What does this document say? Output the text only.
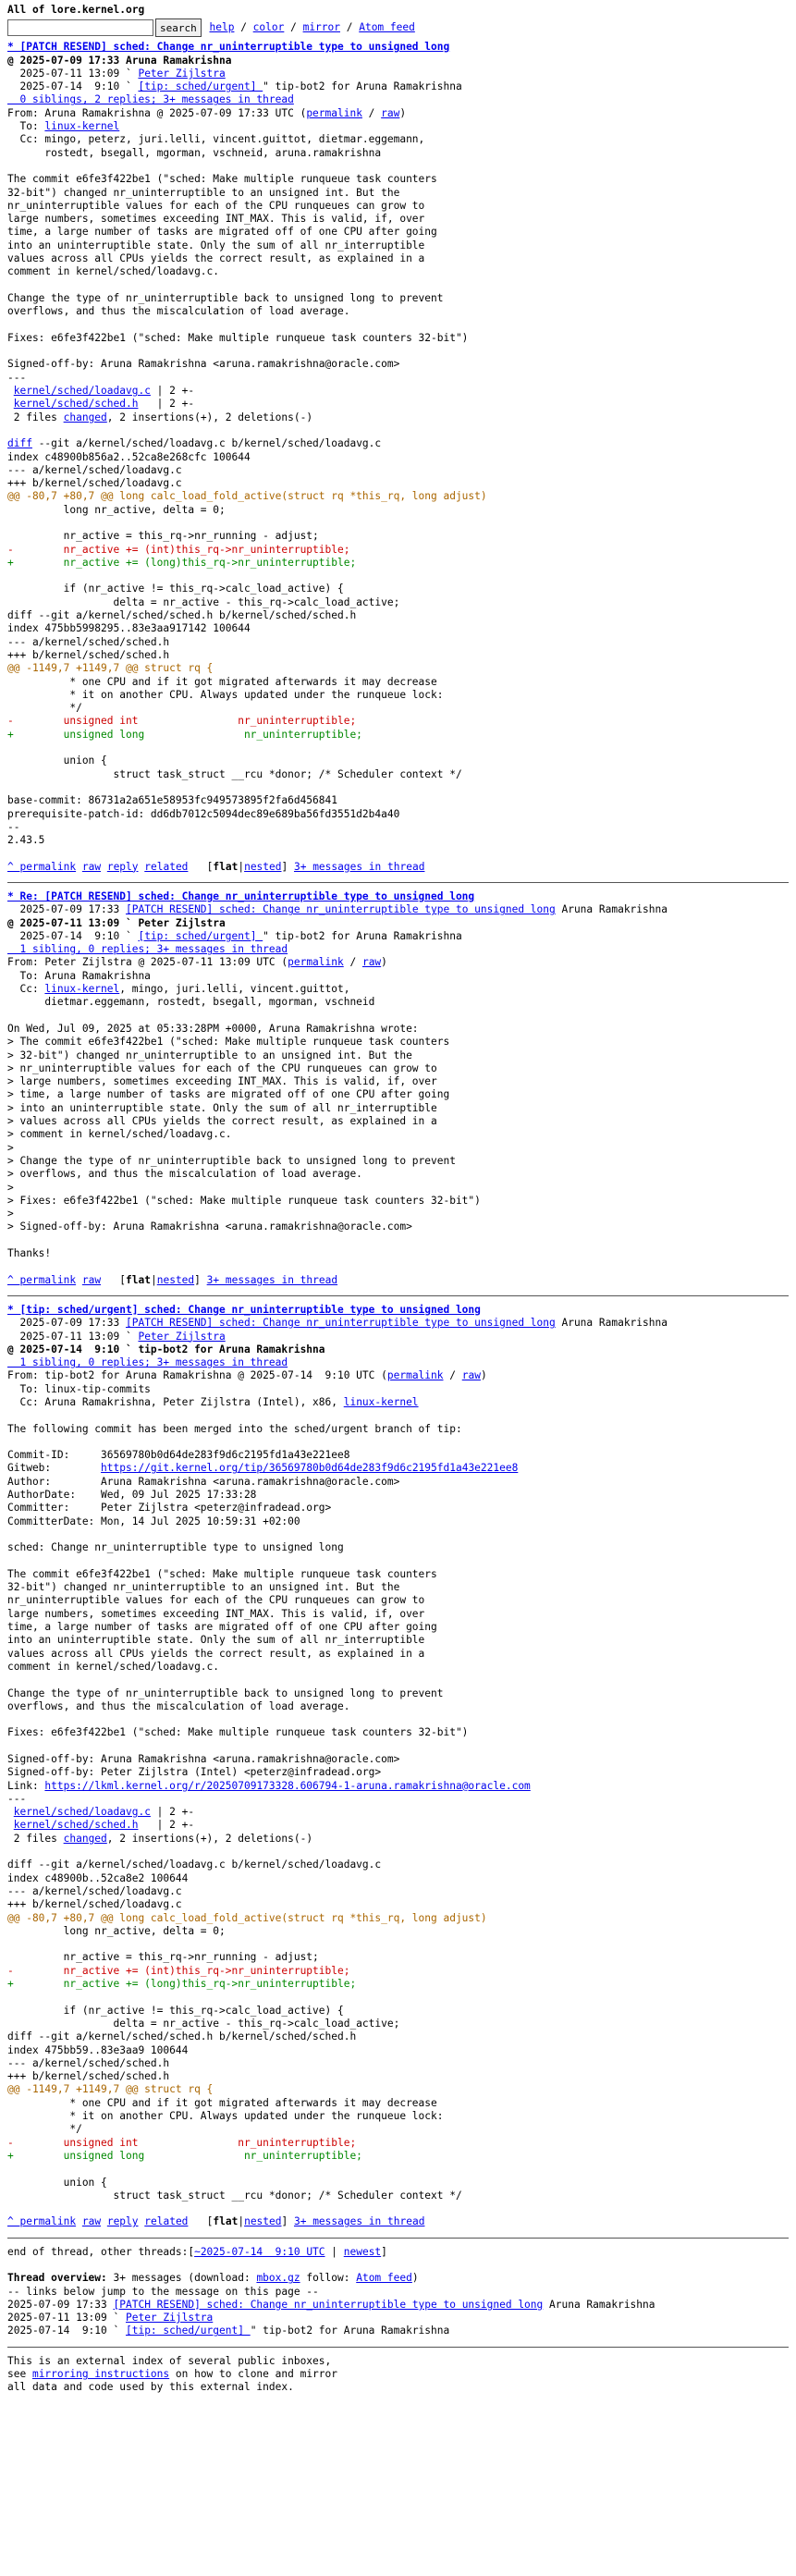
All of lore.kernel.org
search	help / color / mirror / Atom feed
* [PATCH RESEND] sched: Change nr_uninterruptible type to unsigned long
@ 2025-07-09 17:33 Aruna Ramakrishna
2025-07-11 13:09 ` Peter Zijlstra
2025-07-14  9:10 ` [tip: sched/urgent] " tip-bot2 for Aruna Ramakrishna
0 siblings, 2 replies; 3+ messages in thread
From: Aruna Ramakrishna @ 2025-07-09 17:33 UTC (permalink / raw)
To: linux-kernel
Cc: mingo, peterz, juri.lelli, vincent.guittot, dietmar.eggemann,
rostedt, bsegall, mgorman, vschneid, aruna.ramakrishna
The commit e6fe3f422be1 ("sched: Make multiple runqueue task counters
32-bit") changed nr_uninterruptible to an unsigned int. But the
nr_uninterruptible values for each of the CPU runqueues can grow to
large numbers, sometimes exceeding INT_MAX. This is valid, if, over
time, a large number of tasks are migrated off of one CPU after going
into an uninterruptible state. Only the sum of all nr_interruptible
values across all CPUs yields the correct result, as explained in a
comment in kernel/sched/loadavg.c.
Change the type of nr_uninterruptible back to unsigned long to prevent
overflows, and thus the miscalculation of load average.
Fixes: e6fe3f422be1 ("sched: Make multiple runqueue task counters 32-bit")
Signed-off-by: Aruna Ramakrishna <aruna.ramakrishna@oracle.com>
---
kernel/sched/loadavg.c | 2 +-
kernel/sched/sched.h   | 2 +-
2 files changed, 2 insertions(+), 2 deletions(-)
diff --git a/kernel/sched/loadavg.c b/kernel/sched/loadavg.c
index c48900b856a2..52ca8e268cfc 100644
--- a/kernel/sched/loadavg.c
+++ b/kernel/sched/loadavg.c
@@ -80,7 +80,7 @@ long calc_load_fold_active(struct rq *this_rq, long adjust)
long nr_active, delta = 0;

nr_active = this_rq->nr_running - adjust;
-        nr_active += (int)this_rq->nr_uninterruptible;
+        nr_active += (long)this_rq->nr_uninterruptible;

if (nr_active != this_rq->calc_load_active) {
delta = nr_active - this_rq->calc_load_active;
diff --git a/kernel/sched/sched.h b/kernel/sched/sched.h
index 475bb5998295..83e3aa917142 100644
--- a/kernel/sched/sched.h
+++ b/kernel/sched/sched.h
@@ -1149,7 +1149,7 @@ struct rq {
* one CPU and if it got migrated afterwards it may decrease
* it on another CPU. Always updated under the runqueue lock:
*/
-        unsigned int                nr_uninterruptible;
+        unsigned long                nr_uninterruptible;

union {
struct task_struct __rcu *donor; /* Scheduler context */
base-commit: 86731a2a651e58953fc949573895f2fa6d456841
prerequisite-patch-id: dd6db7012c5094dec89e689ba56fd3551d2b4a40
--
2.43.5
^ permalink raw reply related   [flat|nested] 3+ messages in thread
* Re: [PATCH RESEND] sched: Change nr_uninterruptible type to unsigned long
2025-07-09 17:33 [PATCH RESEND] sched: Change nr_uninterruptible type to unsigned long Aruna Ramakrishna
@ 2025-07-11 13:09 ` Peter Zijlstra
2025-07-14  9:10 ` [tip: sched/urgent] " tip-bot2 for Aruna Ramakrishna
1 sibling, 0 replies; 3+ messages in thread
From: Peter Zijlstra @ 2025-07-11 13:09 UTC (permalink / raw)
To: Aruna Ramakrishna
Cc: linux-kernel, mingo, juri.lelli, vincent.guittot,
dietmar.eggemann, rostedt, bsegall, mgorman, vschneid
On Wed, Jul 09, 2025 at 05:33:28PM +0000, Aruna Ramakrishna wrote:
> The commit e6fe3f422be1 ("sched: Make multiple runqueue task counters
> 32-bit") changed nr_uninterruptible to an unsigned int. But the
> nr_uninterruptible values for each of the CPU runqueues can grow to
> large numbers, sometimes exceeding INT_MAX. This is valid, if, over
> time, a large number of tasks are migrated off of one CPU after going
> into an uninterruptible state. Only the sum of all nr_interruptible
> values across all CPUs yields the correct result, as explained in a
> comment in kernel/sched/loadavg.c.
>
> Change the type of nr_uninterruptible back to unsigned long to prevent
> overflows, and thus the miscalculation of load average.
>
> Fixes: e6fe3f422be1 ("sched: Make multiple runqueue task counters 32-bit")
>
> Signed-off-by: Aruna Ramakrishna <aruna.ramakrishna@oracle.com>
Thanks!
^ permalink raw   [flat|nested] 3+ messages in thread
* [tip: sched/urgent] sched: Change nr_uninterruptible type to unsigned long
2025-07-09 17:33 [PATCH RESEND] sched: Change nr_uninterruptible type to unsigned long Aruna Ramakrishna
2025-07-11 13:09 ` Peter Zijlstra
@ 2025-07-14  9:10 ` tip-bot2 for Aruna Ramakrishna
1 sibling, 0 replies; 3+ messages in thread
From: tip-bot2 for Aruna Ramakrishna @ 2025-07-14  9:10 UTC (permalink / raw)
To: linux-tip-commits
Cc: Aruna Ramakrishna, Peter Zijlstra (Intel), x86, linux-kernel
The following commit has been merged into the sched/urgent branch of tip:
Commit-ID:     36569780b0d64de283f9d6c2195fd1a43e221ee8
Gitweb:        https://git.kernel.org/tip/36569780b0d64de283f9d6c2195fd1a43e221ee8
Author:        Aruna Ramakrishna <aruna.ramakrishna@oracle.com>
AuthorDate:    Wed, 09 Jul 2025 17:33:28
Committer:     Peter Zijlstra <peterz@infradead.org>
CommitterDate: Mon, 14 Jul 2025 10:59:31 +02:00
sched: Change nr_uninterruptible type to unsigned long
The commit e6fe3f422be1 ("sched: Make multiple runqueue task counters
32-bit") changed nr_uninterruptible to an unsigned int. But the
nr_uninterruptible values for each of the CPU runqueues can grow to
large numbers, sometimes exceeding INT_MAX. This is valid, if, over
time, a large number of tasks are migrated off of one CPU after going
into an uninterruptible state. Only the sum of all nr_interruptible
values across all CPUs yields the correct result, as explained in a
comment in kernel/sched/loadavg.c.
Change the type of nr_uninterruptible back to unsigned long to prevent
overflows, and thus the miscalculation of load average.
Fixes: e6fe3f422be1 ("sched: Make multiple runqueue task counters 32-bit")
Signed-off-by: Aruna Ramakrishna <aruna.ramakrishna@oracle.com>
Signed-off-by: Peter Zijlstra (Intel) <peterz@infradead.org>
Link: https://lkml.kernel.org/r/20250709173328.606794-1-aruna.ramakrishna@oracle.com
---
kernel/sched/loadavg.c | 2 +-
kernel/sched/sched.h   | 2 +-
2 files changed, 2 insertions(+), 2 deletions(-)
diff --git a/kernel/sched/loadavg.c b/kernel/sched/loadavg.c
index c48900b..52ca8e2 100644
--- a/kernel/sched/loadavg.c
+++ b/kernel/sched/loadavg.c
@@ -80,7 +80,7 @@ long calc_load_fold_active(struct rq *this_rq, long adjust)
long nr_active, delta = 0;

nr_active = this_rq->nr_running - adjust;
-        nr_active += (int)this_rq->nr_uninterruptible;
+        nr_active += (long)this_rq->nr_uninterruptible;

if (nr_active != this_rq->calc_load_active) {
delta = nr_active - this_rq->calc_load_active;
diff --git a/kernel/sched/sched.h b/kernel/sched/sched.h
index 475bb59..83e3aa9 100644
--- a/kernel/sched/sched.h
+++ b/kernel/sched/sched.h
@@ -1149,7 +1149,7 @@ struct rq {
* one CPU and if it got migrated afterwards it may decrease
* it on another CPU. Always updated under the runqueue lock:
*/
-        unsigned int                nr_uninterruptible;
+        unsigned long                nr_uninterruptible;

union {
struct task_struct __rcu *donor; /* Scheduler context */
^ permalink raw reply related   [flat|nested] 3+ messages in thread
end of thread, other threads:[~2025-07-14  9:10 UTC | newest]
Thread overview: 3+ messages (download: mbox.gz follow: Atom feed)
-- links below jump to the message on this page --
2025-07-09 17:33 [PATCH RESEND] sched: Change nr_uninterruptible type to unsigned long Aruna Ramakrishna
2025-07-11 13:09 ` Peter Zijlstra
2025-07-14  9:10 ` [tip: sched/urgent] " tip-bot2 for Aruna Ramakrishna
This is an external index of several public inboxes,
see mirroring instructions on how to clone and mirror
all data and code used by this external index.
